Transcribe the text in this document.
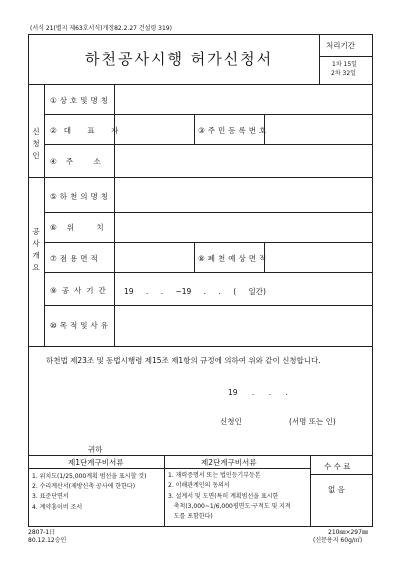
(서식 21(별지 제63호서식)개정82.2.27 건설령 319)
하천공사시행 허가신청서
처리기간
1차 15일
2차 32일
신청인
①상호및명칭
②대 표 자	③주민등록번호
④주 소
공사개요
⑤하천의명칭
⑥위 치
⑦점용면적	⑧폐천예상면적
⑨공사기간 19 . . ~19 . . ( 일간)
⑩목적및사유
하천법 제23조 및 동법시행령 제15조 제1항의 규정에 의하여 위와 같이 신청합니다.
19 . . .
신청인	(서명 또는 인)
귀하
제1단계구비서류
1. 위치도(1/25,000계획 범선을 표시할 것)
2. 수리계산서(제방신축 공사에 한한다)
3. 표준단면서
4. 계약흥이비 조서
제2단계구비서류
1. 재력증명서 또는 법인등기부등본
2. 이해관계인의 동의서
3. 설계서 및 도면(특히 계획범선을 표시한
축척(3,000~1/6,000평면도·구적도 및 지적
도를 포함한다)
수 수 료
없 음
2807-1日
80.12.12승인
210㎜×297㎜
(신문용지 60g/㎡)
